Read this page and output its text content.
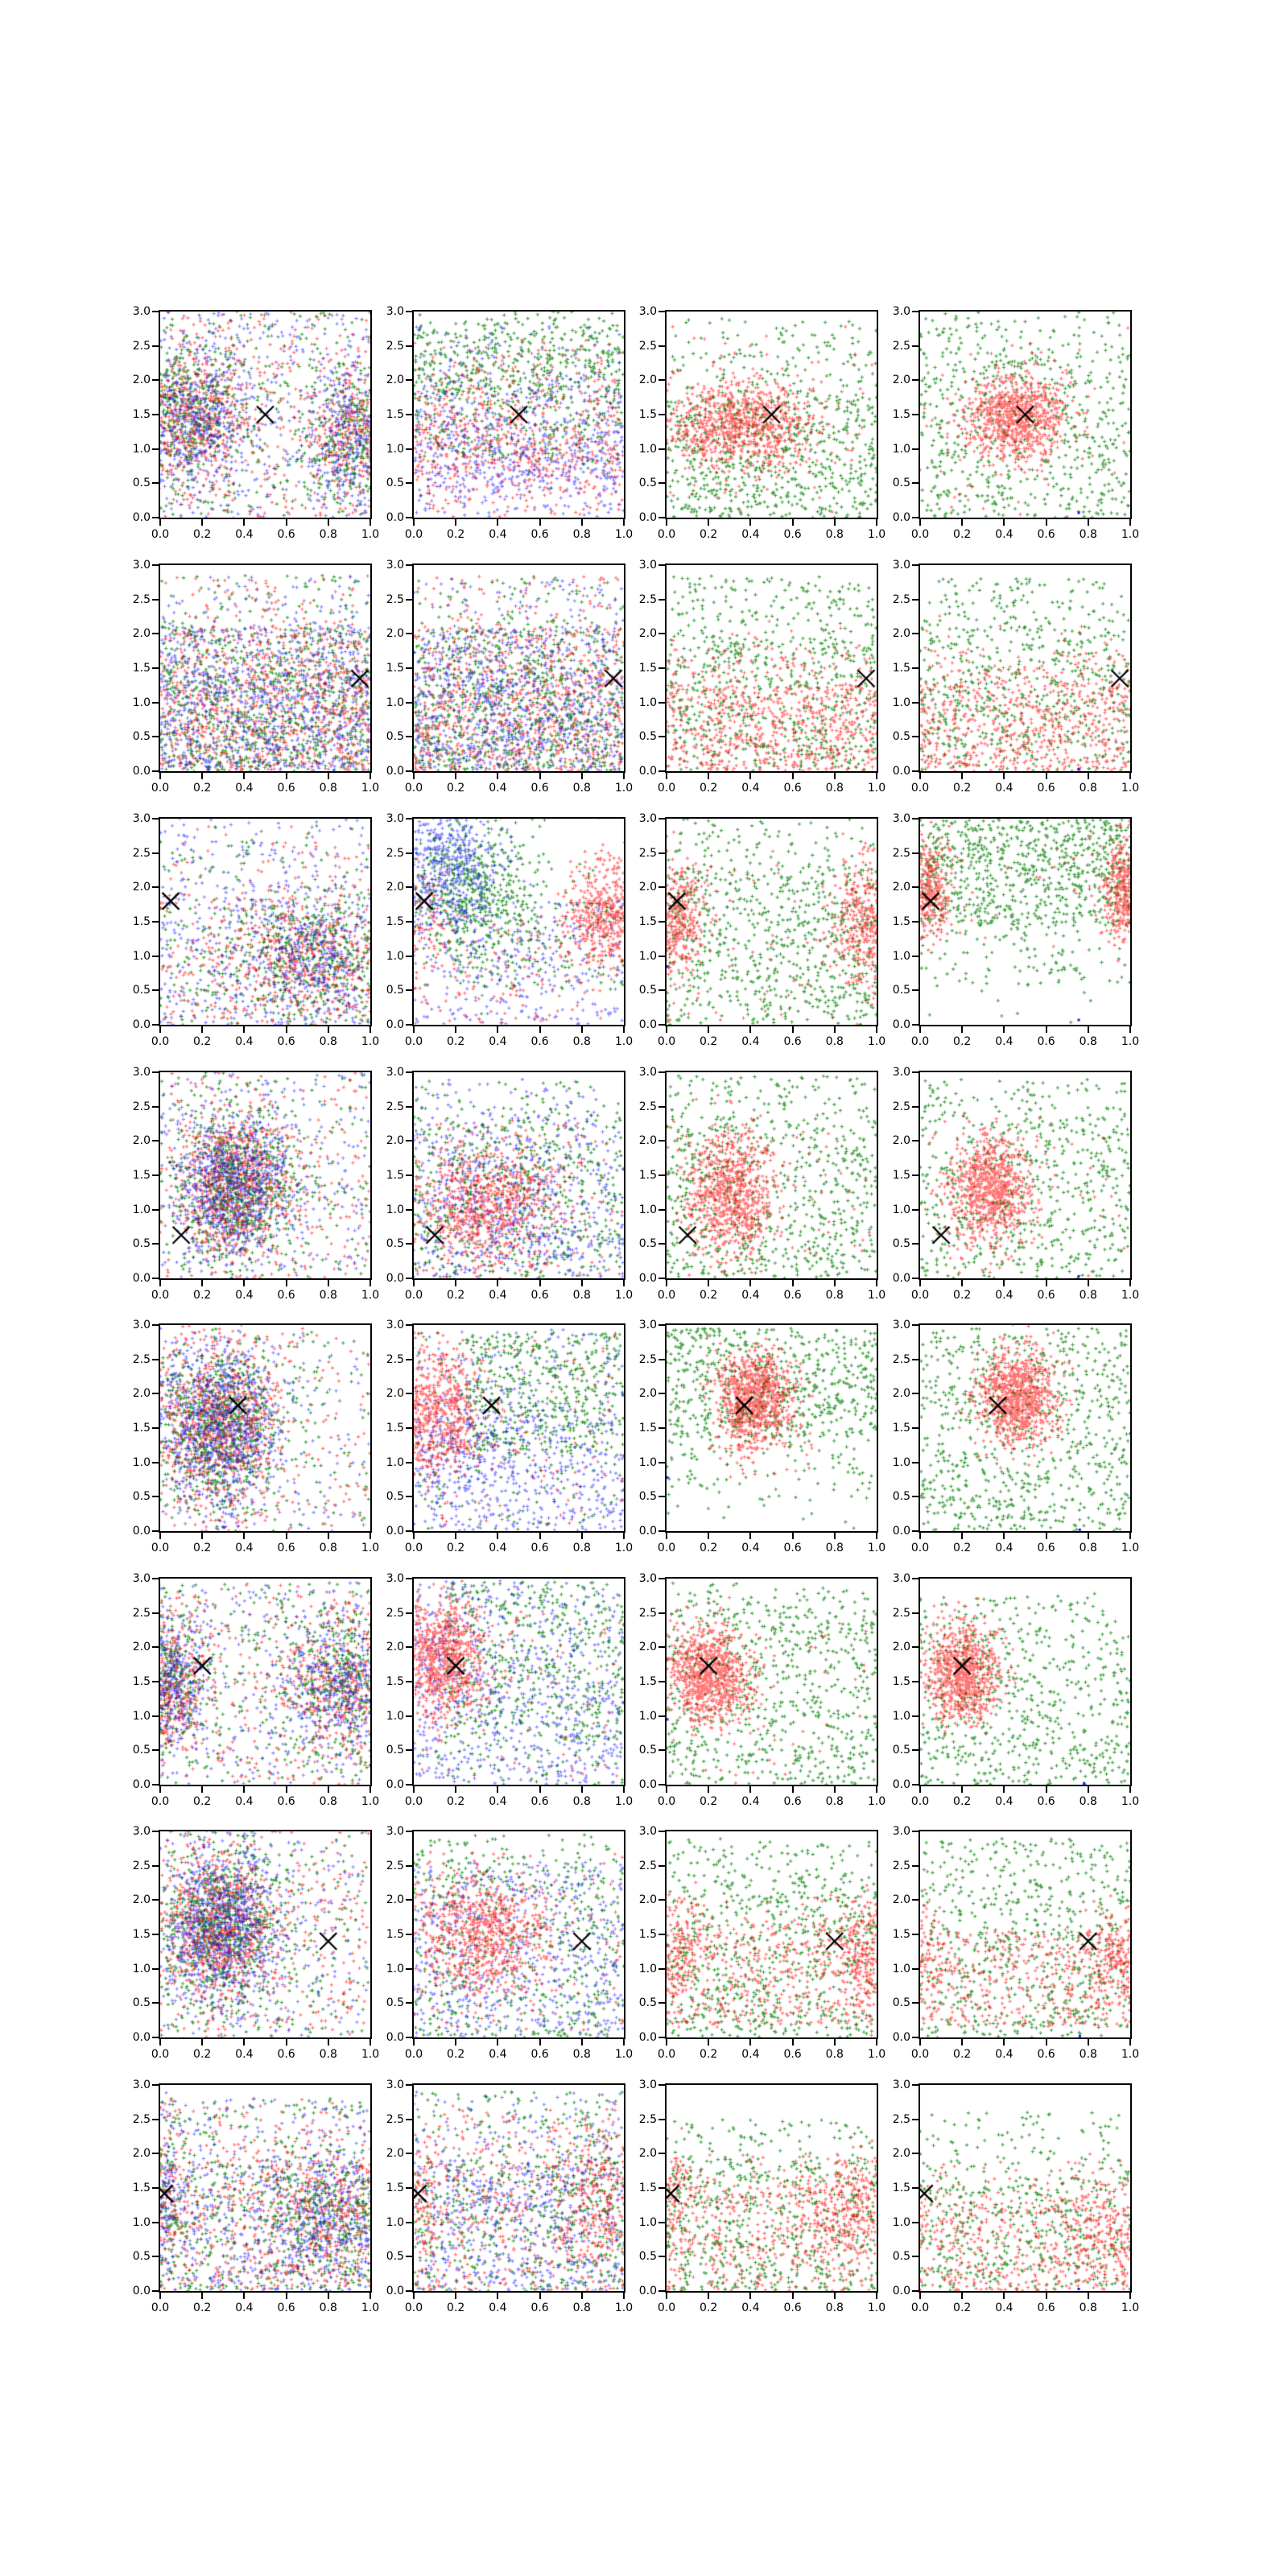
0.0
0.5
1.0
1.5
2.0
2.5
3.0
0.0	0.2	0.4	0.6	0.8	1.0
0.0
0.5
1.0
1.5
2.0
2.5
3.0
0.0	0.2	0.4	0.6	0.8	1.0
0.0
0.5
1.0
1.5
2.0
2.5
3.0
0.0	0.2	0.4	0.6	0.8	1.0
0.0
0.5
1.0
1.5
2.0
2.5
3.0
0.0	0.2	0.4	0.6	0.8	1.0
0.0
0.5
1.0
1.5
2.0
2.5
3.0
0.0	0.2	0.4	0.6	0.8	1.0
0.0
0.5
1.0
1.5
2.0
2.5
3.0
0.0	0.2	0.4	0.6	0.8	1.0
0.0
0.5
1.0
1.5
2.0
2.5
3.0
0.0	0.2	0.4	0.6	0.8	1.0
0.0
0.5
1.0
1.5
2.0
2.5
3.0
0.0	0.2	0.4	0.6	0.8	1.0
0.0
0.5
1.0
1.5
2.0
2.5
3.0
0.0	0.2	0.4	0.6	0.8	1.0
0.0
0.5
1.0
1.5
2.0
2.5
3.0
0.0	0.2	0.4	0.6	0.8	1.0
0.0
0.5
1.0
1.5
2.0
2.5
3.0
0.0	0.2	0.4	0.6	0.8	1.0
0.0
0.5
1.0
1.5
2.0
2.5
3.0
0.0	0.2	0.4	0.6	0.8	1.0
0.0
0.5
1.0
1.5
2.0
2.5
3.0
0.0	0.2	0.4	0.6	0.8	1.0
0.0
0.5
1.0
1.5
2.0
2.5
3.0
0.0	0.2	0.4	0.6	0.8	1.0
0.0
0.5
1.0
1.5
2.0
2.5
3.0
0.0	0.2	0.4	0.6	0.8	1.0
0.0
0.5
1.0
1.5
2.0
2.5
3.0
0.0	0.2	0.4	0.6	0.8	1.0
0.0
0.5
1.0
1.5
2.0
2.5
3.0
0.0	0.2	0.4	0.6	0.8	1.0
0.0
0.5
1.0
1.5
2.0
2.5
3.0
0.0	0.2	0.4	0.6	0.8	1.0
0.0
0.5
1.0
1.5
2.0
2.5
3.0
0.0	0.2	0.4	0.6	0.8	1.0
0.0
0.5
1.0
1.5
2.0
2.5
3.0
0.0	0.2	0.4	0.6	0.8	1.0
0.0
0.5
1.0
1.5
2.0
2.5
3.0
0.0	0.2	0.4	0.6	0.8	1.0
0.0
0.5
1.0
1.5
2.0
2.5
3.0
0.0	0.2	0.4	0.6	0.8	1.0
0.0
0.5
1.0
1.5
2.0
2.5
3.0
0.0	0.2	0.4	0.6	0.8	1.0
0.0
0.5
1.0
1.5
2.0
2.5
3.0
0.0	0.2	0.4	0.6	0.8	1.0
0.0
0.5
1.0
1.5
2.0
2.5
3.0
0.0	0.2	0.4	0.6	0.8	1.0
0.0
0.5
1.0
1.5
2.0
2.5
3.0
0.0	0.2	0.4	0.6	0.8	1.0
0.0
0.5
1.0
1.5
2.0
2.5
3.0
0.0	0.2	0.4	0.6	0.8	1.0
0.0
0.5
1.0
1.5
2.0
2.5
3.0
0.0	0.2	0.4	0.6	0.8	1.0
0.0
0.5
1.0
1.5
2.0
2.5
3.0
0.0	0.2	0.4	0.6	0.8	1.0
0.0
0.5
1.0
1.5
2.0
2.5
3.0
0.0	0.2	0.4	0.6	0.8	1.0
0.0
0.5
1.0
1.5
2.0
2.5
3.0
0.0	0.2	0.4	0.6	0.8	1.0
0.0
0.5
1.0
1.5
2.0
2.5
3.0
0.0	0.2	0.4	0.6	0.8	1.0
